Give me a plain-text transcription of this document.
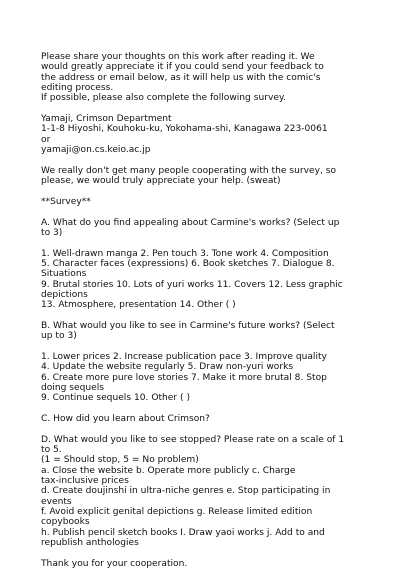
Please share your thoughts on this work after reading it. We
would greatly appreciate it if you could send your feedback to
the address or email below, as it will help us with the comic's
editing process.
If possible, please also complete the following survey.
Yamaji, Crimson Department
1-1-8 Hiyoshi, Kouhoku-ku, Yokohama-shi, Kanagawa 223-0061
or
yamaji@on.cs.keio.ac.jp
We really don't get many people cooperating with the survey, so
please, we would truly appreciate your help. (sweat)
**Survey**
A. What do you find appealing about Carmine's works? (Select up
to 3)
1. Well-drawn manga 2. Pen touch 3. Tone work 4. Composition
5. Character faces (expressions) 6. Book sketches 7. Dialogue 8.
Situations
9. Brutal stories 10. Lots of yuri works 11. Covers 12. Less graphic
depictions
13. Atmosphere, presentation 14. Other ( )
B. What would you like to see in Carmine's future works? (Select
up to 3)
1. Lower prices 2. Increase publication pace 3. Improve quality
4. Update the website regularly 5. Draw non-yuri works
6. Create more pure love stories 7. Make it more brutal 8. Stop
doing sequels
9. Continue sequels 10. Other ( )
C. How did you learn about Crimson?
D. What would you like to see stopped? Please rate on a scale of 1
to 5.
(1 = Should stop, 5 = No problem)
a. Close the website b. Operate more publicly c. Charge
tax-inclusive prices
d. Create doujinshi in ultra-niche genres e. Stop participating in
events
f. Avoid explicit genital depictions g. Release limited edition
copybooks
h. Publish pencil sketch books I. Draw yaoi works j. Add to and
republish anthologies
Thank you for your cooperation.
